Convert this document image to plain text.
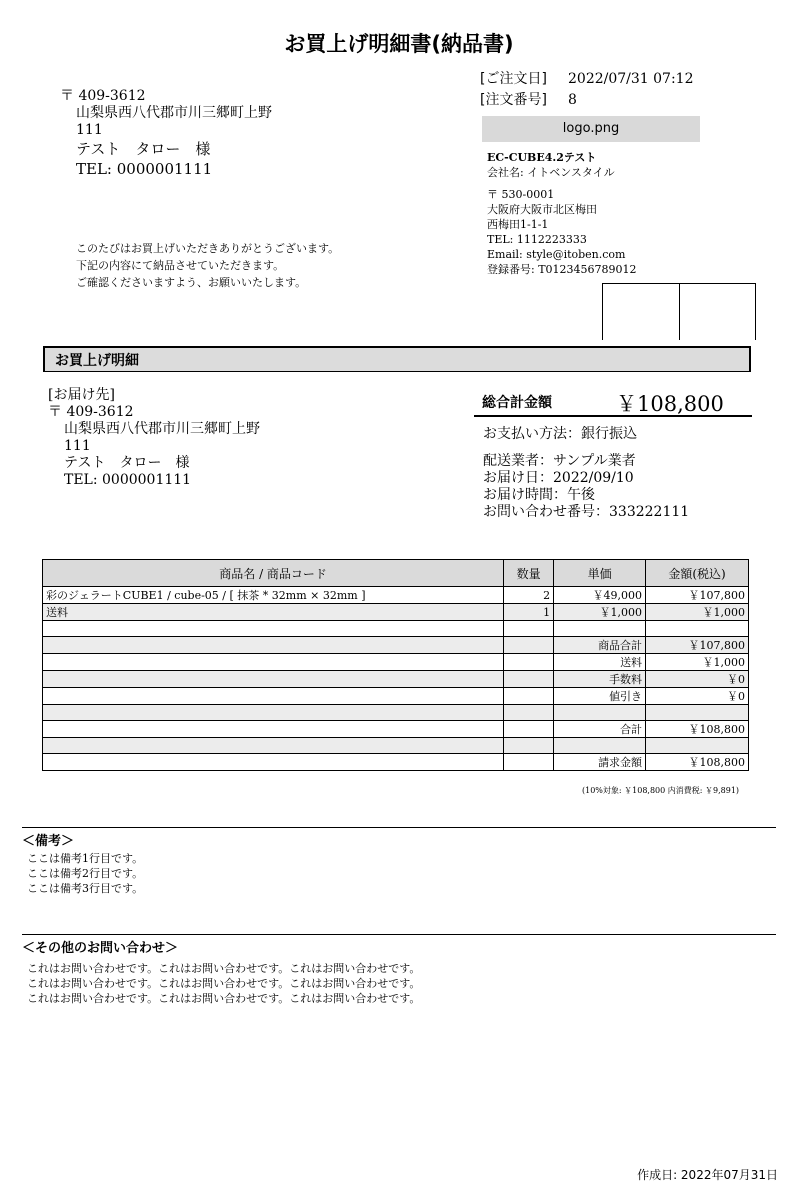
お買上げ明細書(納品書)
〒 409-3612
山梨県西八代郡市川三郷町上野
111
テスト　タロー　様
TEL: 0000001111
このたびはお買上げいただきありがとうございます。
下記の内容にて納品させていただきます。
ご確認くださいますよう、お願いいたします。
[ご注文日] 2022/07/31 07:12
[注文番号] 8
logo.png
EC-CUBE4.2テスト
会社名: イトベンスタイル
〒 530-0001
大阪府大阪市北区梅田
西梅田1-1-1
TEL: 1112223333
Email: style@itoben.com
登録番号: T0123456789012
お買上げ明細
[お届け先]
〒 409-3612
山梨県西八代郡市川三郷町上野
111
テスト　タロー　様
TEL: 0000001111
総合計金額	￥108,800
お支払い方法：銀行振込
配送業者：サンプル業者
お届け日：2022/09/10
お届け時間：午後
お問い合わせ番号：333222111
商品名 / 商品コード	数量	単価	金額(税込)
彩のジェラートCUBE1 / cube-05 / [ 抹茶 * 32mm × 32mm ]	2	￥49,000	￥107,800
送料	1	￥1,000	￥1,000

		商品合計	￥107,800
		送料	￥1,000
		手数料	￥0
		値引き	￥0

		合計	￥108,800

		請求金額	￥108,800
(10%対象: ￥108,800 内消費税: ￥9,891)
＜備考＞
ここは備考1行目です。
ここは備考2行目です。
ここは備考3行目です。
＜その他のお問い合わせ＞
これはお問い合わせです。これはお問い合わせです。これはお問い合わせです。
これはお問い合わせです。これはお問い合わせです。これはお問い合わせです。
これはお問い合わせです。これはお問い合わせです。これはお問い合わせです。
作成日: 2022年07月31日
